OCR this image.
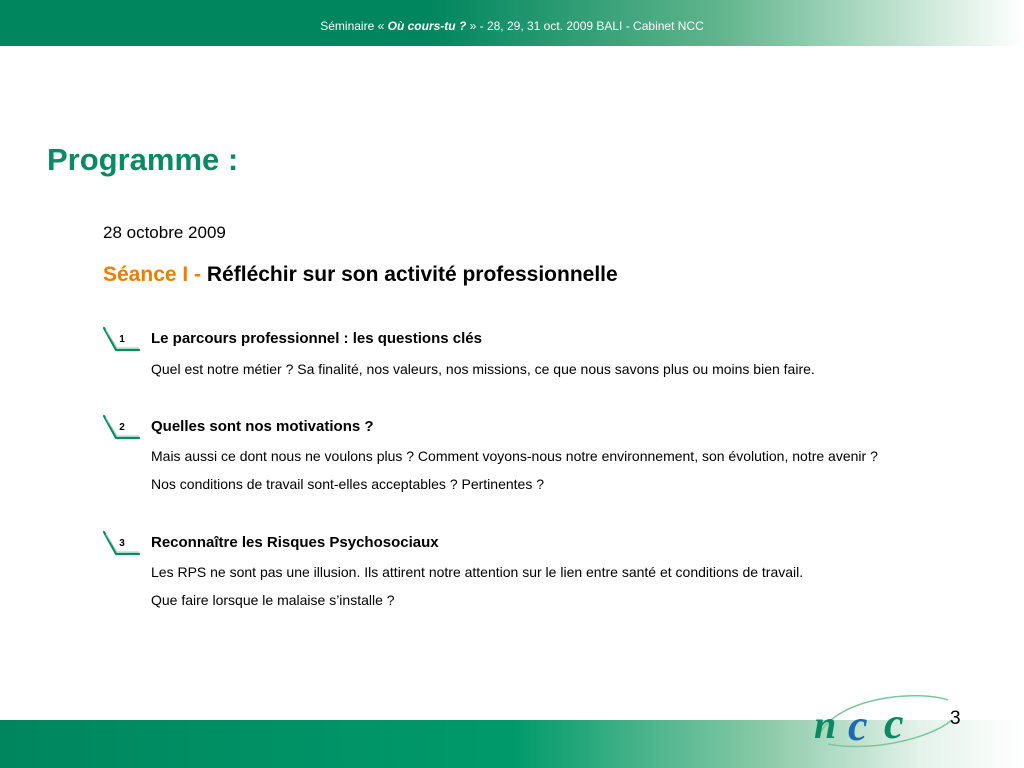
Séminaire « Où cours-tu ? » - 28, 29, 31 oct. 2009 BALI - Cabinet NCC
Programme :
28 octobre 2009
Séance I - Réfléchir sur son activité professionnelle
1 Le parcours professionnel : les questions clés
Quel est notre métier ? Sa finalité, nos valeurs, nos missions, ce que nous savons plus ou moins bien faire.
2 Quelles sont nos motivations ?
Mais aussi ce dont nous ne voulons plus ? Comment voyons-nous notre environnement, son évolution, notre avenir ?
Nos conditions de travail sont-elles acceptables ? Pertinentes ?
3 Reconnaître les Risques Psychosociaux
Les RPS ne sont pas une illusion. Ils attirent notre attention sur le lien entre santé et conditions de travail.
Que faire lorsque le malaise s’installe ?
n c c 3
